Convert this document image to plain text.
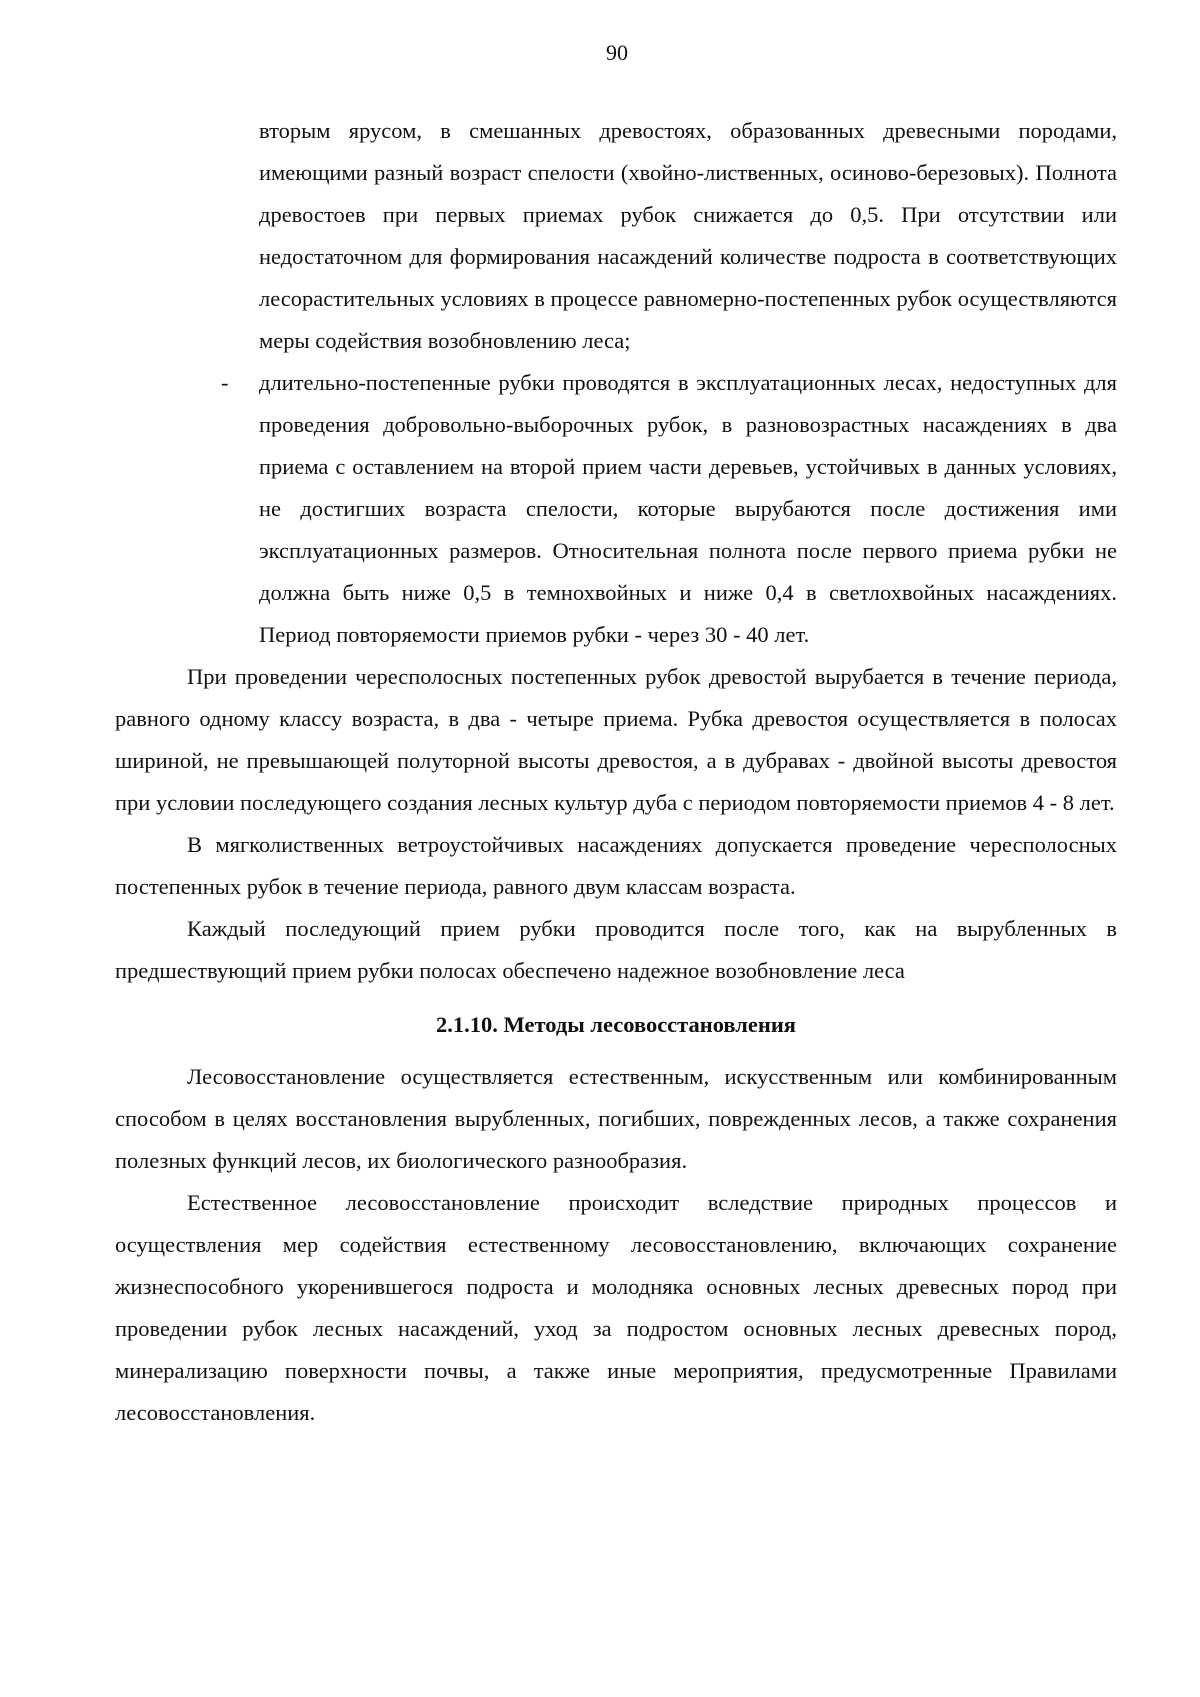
90

вторым ярусом, в смешанных древостоях, образованных древесными породами, имеющими разный возраст спелости (хвойно-лиственных, осиново-березовых). Полнота древостоев при первых приемах рубок снижается до 0,5. При отсутствии или недостаточном для формирования насаждений количестве подроста в соответствующих лесорастительных условиях в процессе равномерно-постепенных рубок осуществляются меры содействия возобновлению леса;

- длительно-постепенные рубки проводятся в эксплуатационных лесах, недоступных для проведения добровольно-выборочных рубок, в разновозрастных насаждениях в два приема с оставлением на второй прием части деревьев, устойчивых в данных условиях, не достигших возраста спелости, которые вырубаются после достижения ими эксплуатационных размеров. Относительная полнота после первого приема рубки не должна быть ниже 0,5 в темнохвойных и ниже 0,4 в светлохвойных насаждениях. Период повторяемости приемов рубки - через 30 - 40 лет.

При проведении чересполосных постепенных рубок древостой вырубается в течение периода, равного одному классу возраста, в два - четыре приема. Рубка древостоя осуществляется в полосах шириной, не превышающей полуторной высоты древостоя, а в дубравах - двойной высоты древостоя при условии последующего создания лесных культур дуба с периодом повторяемости приемов 4 - 8 лет.

В мягколиственных ветроустойчивых насаждениях допускается проведение чересполосных постепенных рубок в течение периода, равного двум классам возраста.

Каждый последующий прием рубки проводится после того, как на вырубленных в предшествующий прием рубки полосах обеспечено надежное возобновление леса

2.1.10. Методы лесовосстановления

Лесовосстановление осуществляется естественным, искусственным или комбинированным способом в целях восстановления вырубленных, погибших, поврежденных лесов, а также сохранения полезных функций лесов, их биологического разнообразия.

Естественное лесовосстановление происходит вследствие природных процессов и осуществления мер содействия естественному лесовосстановлению, включающих сохранение жизнеспособного укоренившегося подроста и молодняка основных лесных древесных пород при проведении рубок лесных насаждений, уход за подростом основных лесных древесных пород, минерализацию поверхности почвы, а также иные мероприятия, предусмотренные Правилами лесовосстановления.
